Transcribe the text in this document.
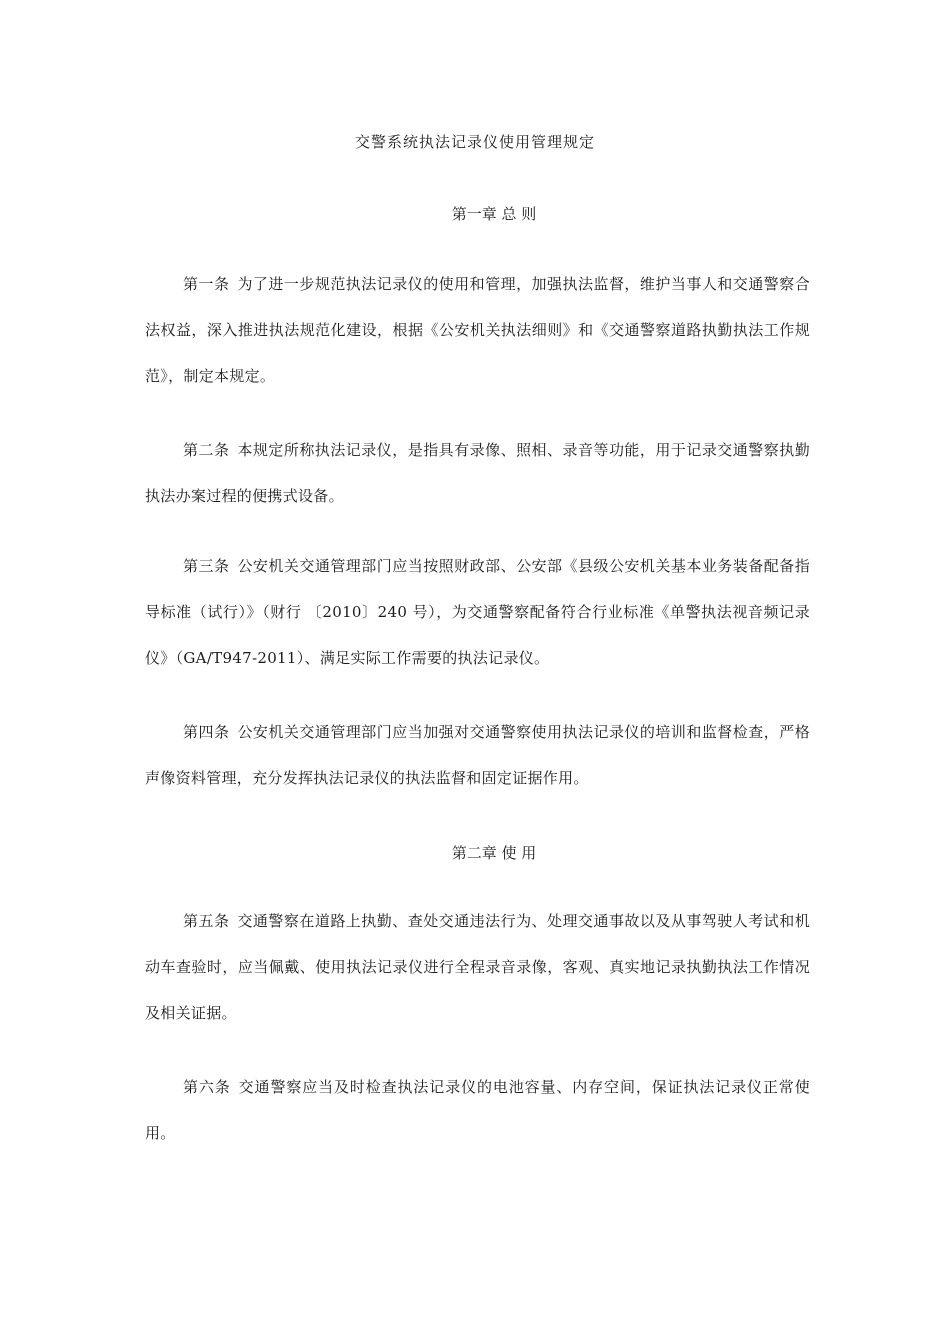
交警系统执法记录仪使用管理规定
第一章 总 则

第一条 为了进一步规范执法记录仪的使用和管理，加强执法监督，维护当事人和交通警察合法权益，深入推进执法规范化建设，根据《公安机关执法细则》和《交通警察道路执勤执法工作规范》，制定本规定。

第二条 本规定所称执法记录仪，是指具有录像、照相、录音等功能，用于记录交通警察执勤执法办案过程的便携式设备。

第三条 公安机关交通管理部门应当按照财政部、公安部《县级公安机关基本业务装备配备指导标准（试行）》（财行 〔2010〕240 号），为交通警察配备符合行业标准《单警执法视音频记录仪》（GA/T947-2011）、满足实际工作需要的执法记录仪。

第四条 公安机关交通管理部门应当加强对交通警察使用执法记录仪的培训和监督检查，严格声像资料管理，充分发挥执法记录仪的执法监督和固定证据作用。

第二章 使 用

第五条 交通警察在道路上执勤、查处交通违法行为、处理交通事故以及从事驾驶人考试和机动车查验时，应当佩戴、使用执法记录仪进行全程录音录像，客观、真实地记录执勤执法工作情况及相关证据。

第六条 交通警察应当及时检查执法记录仪的电池容量、内存空间，保证执法记录仪正常使用。
